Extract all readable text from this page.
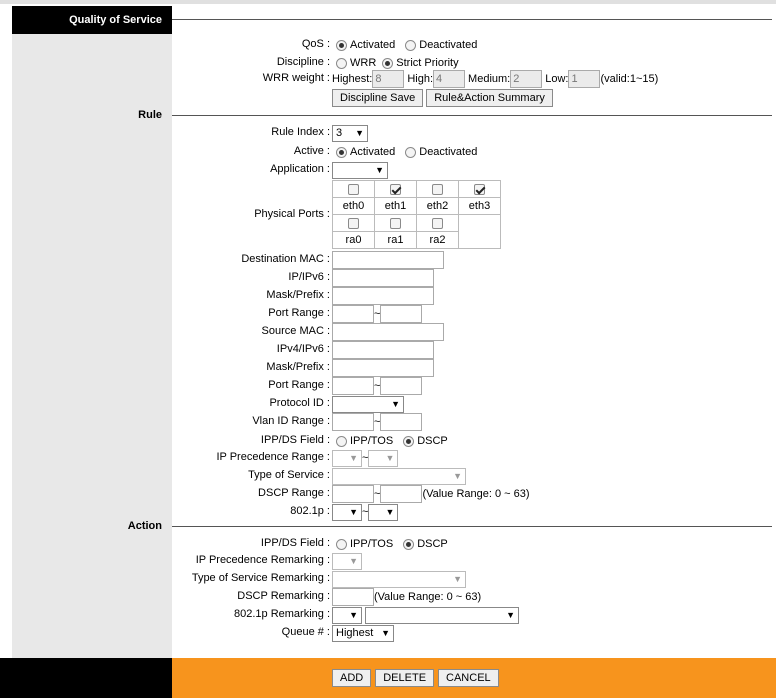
Quality of Service
Rule
Action
QoS : Activated Deactivated
Discipline : WRR Strict Priority
WRR weight : Highest: 8	High: 4	Medium: 2	Low: 1	(valid:1~15)
Discipline Save	Rule&Action Summary
Rule Index : 3 ▼
Active : Activated Deactivated
Application :	▼
Physical Ports :

eth0	eth1	eth2	eth3

ra0	ra1	ra2	
Destination MAC :
IP/IPv6 :
Mask/Prefix :
Port Range :	~
Source MAC :
IPv4/IPv6 :
Mask/Prefix :
Port Range :	~
Protocol ID :	▼
Vlan ID Range :	~
IPP/DS Field : IPP/TOS DSCP
IP Precedence Range : ▼ ~ ▼
Type of Service :	▼
DSCP Range :	~	(Value Range: 0 ~ 63)
802.1p : ▼ ~ ▼
IPP/DS Field : IPP/TOS DSCP
IP Precedence Remarking : ▼
Type of Service Remarking :	▼
DSCP Remarking :	(Value Range: 0 ~ 63)
802.1p Remarking : ▼	▼
Queue # : Highest ▼
ADD	DELETE	CANCEL
